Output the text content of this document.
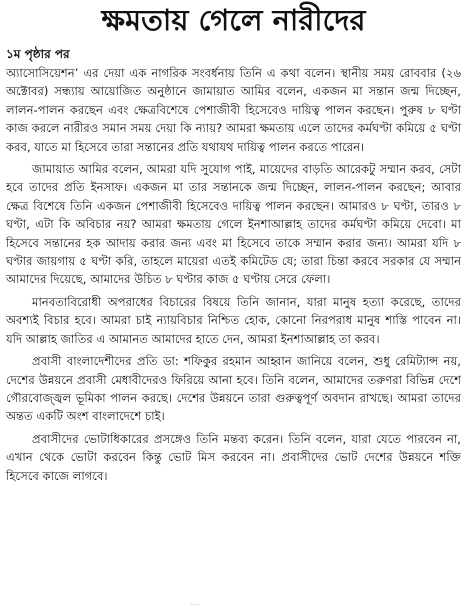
ক্ষমতায় গেলে নারীদের
১ম পৃষ্ঠার পর

অ্যাসোসিয়েশন’ এর দেয়া এক নাগরিক সংবর্ধনায় তিনি এ কথা বলেন। স্থানীয় সময় রোববার (২৬ অক্টোবর) সন্ধ্যায় আয়োজিত অনুষ্ঠানে জামায়াত আমির বলেন, একজন মা সন্তান জন্ম দিচ্ছেন, লালন-পালন করছেন এবং ক্ষেত্রবিশেষে পেশাজীবী হিসেবেও দায়িত্ব পালন করছেন। পুরুষ ৮ ঘণ্টা কাজ করলে নারীরও সমান সময় দেয়া কি ন্যায়? আমরা ক্ষমতায় এলে তাদের কর্মঘণ্টা কমিয়ে ৫ ঘণ্টা করব, যাতে মা হিসেবে তারা সন্তানের প্রতি যথাযথ দায়িত্ব পালন করতে পারেন।

জামায়াত আমির বলেন, আমরা যদি সুযোগ পাই, মায়েদের বাড়তি আরেকটু সম্মান করব, সেটা হবে তাদের প্রতি ইনসাফ। একজন মা তার সন্তানকে জন্ম দিচ্ছেন, লালন-পালন করছেন; আবার ক্ষেত্র বিশেষে তিনি একজন পেশাজীবী হিসেবেও দায়িত্ব পালন করছেন। আমারও ৮ ঘণ্টা, তারও ৮ ঘণ্টা, এটা কি অবিচার নয়? আমরা ক্ষমতায় গেলে ইনশাআল্লাহ তাদের কর্মঘণ্টা কমিয়ে দেবো। মা হিসেবে সন্তানের হক আদায় করার জন্য এবং মা হিসেবে তাকে সম্মান করার জন্য। আমরা যদি ৮ ঘণ্টার জায়গায় ৫ ঘণ্টা করি, তাহলে মায়েরা এতই কমিটেড যে; তারা চিন্তা করবে সরকার যে সম্মান আমাদের দিয়েছে, আমাদের উচিত ৮ ঘণ্টার কাজ ৫ ঘণ্টায় সেরে ফেলা।

মানবতাবিরোধী অপরাধের বিচারের বিষয়ে তিনি জানান, যারা মানুষ হত্যা করেছে, তাদের অবশ্যই বিচার হবে। আমরা চাই ন্যায়বিচার নিশ্চিত হোক, কোনো নিরপরাধ মানুষ শাস্তি পাবেন না। যদি আল্লাহ জাতির এ আমানত আমাদের হাতে দেন, আমরা ইনশাআল্লাহ তা করব।

প্রবাসী বাংলাদেশীদের প্রতি ডা: শফিকুর রহমান আহ্বান জানিয়ে বলেন, শুধু রেমিট্যান্স নয়, দেশের উন্নয়নে প্রবাসী মেধাবীদেরও ফিরিয়ে আনা হবে। তিনি বলেন, আমাদের তরুণরা বিভিন্ন দেশে গৌরবোজ্জ্বল ভূমিকা পালন করছে। দেশের উন্নয়নে তারা গুরুত্বপূর্ণ অবদান রাখছে। আমরা তাদের অন্তত একটি অংশ বাংলাদেশে চাই।

প্রবাসীদের ভোটাধিকারের প্রসঙ্গেও তিনি মন্তব্য করেন। তিনি বলেন, যারা যেতে পারবেন না, এখান থেকে ভোটা করবেন কিন্তু ভোট মিস করবেন না। প্রবাসীদের ভোট দেশের উন্নয়নে শক্তি হিসেবে কাজে লাগবে।

...
